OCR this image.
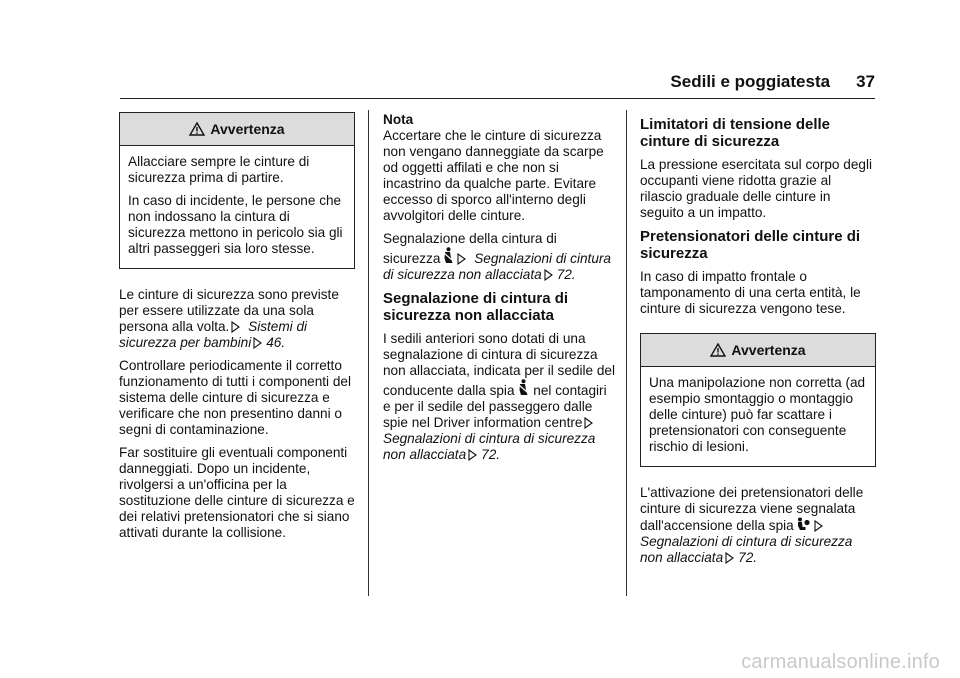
Sedili e poggiatesta 37
Avvertenza

Allacciare sempre le cinture di sicurezza prima di partire.

In caso di incidente, le persone che non indossano la cintura di sicurezza mettono in pericolo sia gli altri passeggeri sia loro stesse.

Le cinture di sicurezza sono previste per essere utilizzate da una sola persona alla volta. Sistemi di sicurezza per bambini 46.

Controllare periodicamente il corretto funzionamento di tutti i componenti del sistema delle cinture di sicurezza e verificare che non presentino danni o segni di contaminazione.

Far sostituire gli eventuali componenti danneggiati. Dopo un incidente, rivolgersi a un'officina per la sostituzione delle cinture di sicurezza e dei relativi pretensionatori che si siano attivati durante la collisione.

Nota
Accertare che le cinture di sicurezza non vengano danneggiate da scarpe od oggetti affilati e che non si incastrino da qualche parte. Evitare eccesso di sporco all'interno degli avvolgitori delle cinture.

Segnalazione della cintura di sicurezza Segnalazioni di cintura di sicurezza non allacciata 72.

Segnalazione di cintura di sicurezza non allacciata

I sedili anteriori sono dotati di una segnalazione di cintura di sicurezza non allacciata, indicata per il sedile del conducente dalla spia nel contagiri e per il sedile del passeggero dalle spie nel Driver information centre Segnalazioni di cintura di sicurezza non allacciata 72.

Limitatori di tensione delle cinture di sicurezza

La pressione esercitata sul corpo degli occupanti viene ridotta grazie al rilascio graduale delle cinture in seguito a un impatto.

Pretensionatori delle cinture di sicurezza

In caso di impatto frontale o tamponamento di una certa entità, le cinture di sicurezza vengono tese.

Avvertenza

Una manipolazione non corretta (ad esempio smontaggio o montaggio delle cinture) può far scattare i pretensionatori con conseguente rischio di lesioni.

L'attivazione dei pretensionatori delle cinture di sicurezza viene segnalata dall'accensione della spia Segnalazioni di cintura di sicurezza non allacciata 72.

carmanualsonline.info
